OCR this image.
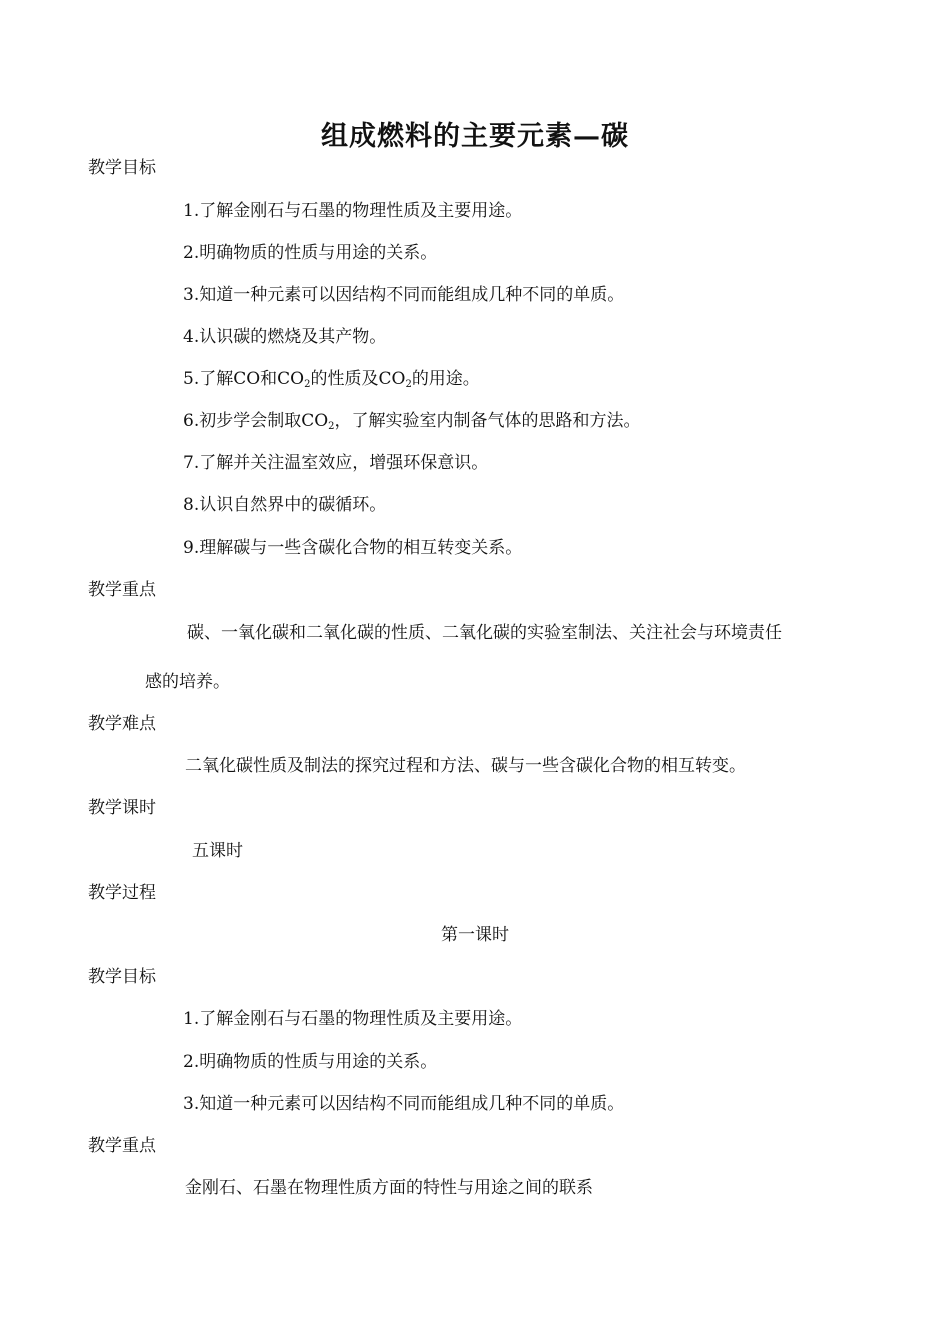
组成燃料的主要元素—碳
教学目标
1.了解金刚石与石墨的物理性质及主要用途。
2.明确物质的性质与用途的关系。
3.知道一种元素可以因结构不同而能组成几种不同的单质。
4.认识碳的燃烧及其产物。
5.了解CO和$CO_2$的性质及$CO_2$的用途。
6.初步学会制取$CO_2$，了解实验室内制备气体的思路和方法。
7.了解并关注温室效应，增强环保意识。
8.认识自然界中的碳循环。
9.理解碳与一些含碳化合物的相互转变关系。
教学重点
碳、一氧化碳和二氧化碳的性质、二氧化碳的实验室制法、关注社会与环境责任
感的培养。
教学难点
二氧化碳性质及制法的探究过程和方法、碳与一些含碳化合物的相互转变。
教学课时
五课时
教学过程
第一课时
教学目标
1.了解金刚石与石墨的物理性质及主要用途。
2.明确物质的性质与用途的关系。
3.知道一种元素可以因结构不同而能组成几种不同的单质。
教学重点
金刚石、石墨在物理性质方面的特性与用途之间的联系
